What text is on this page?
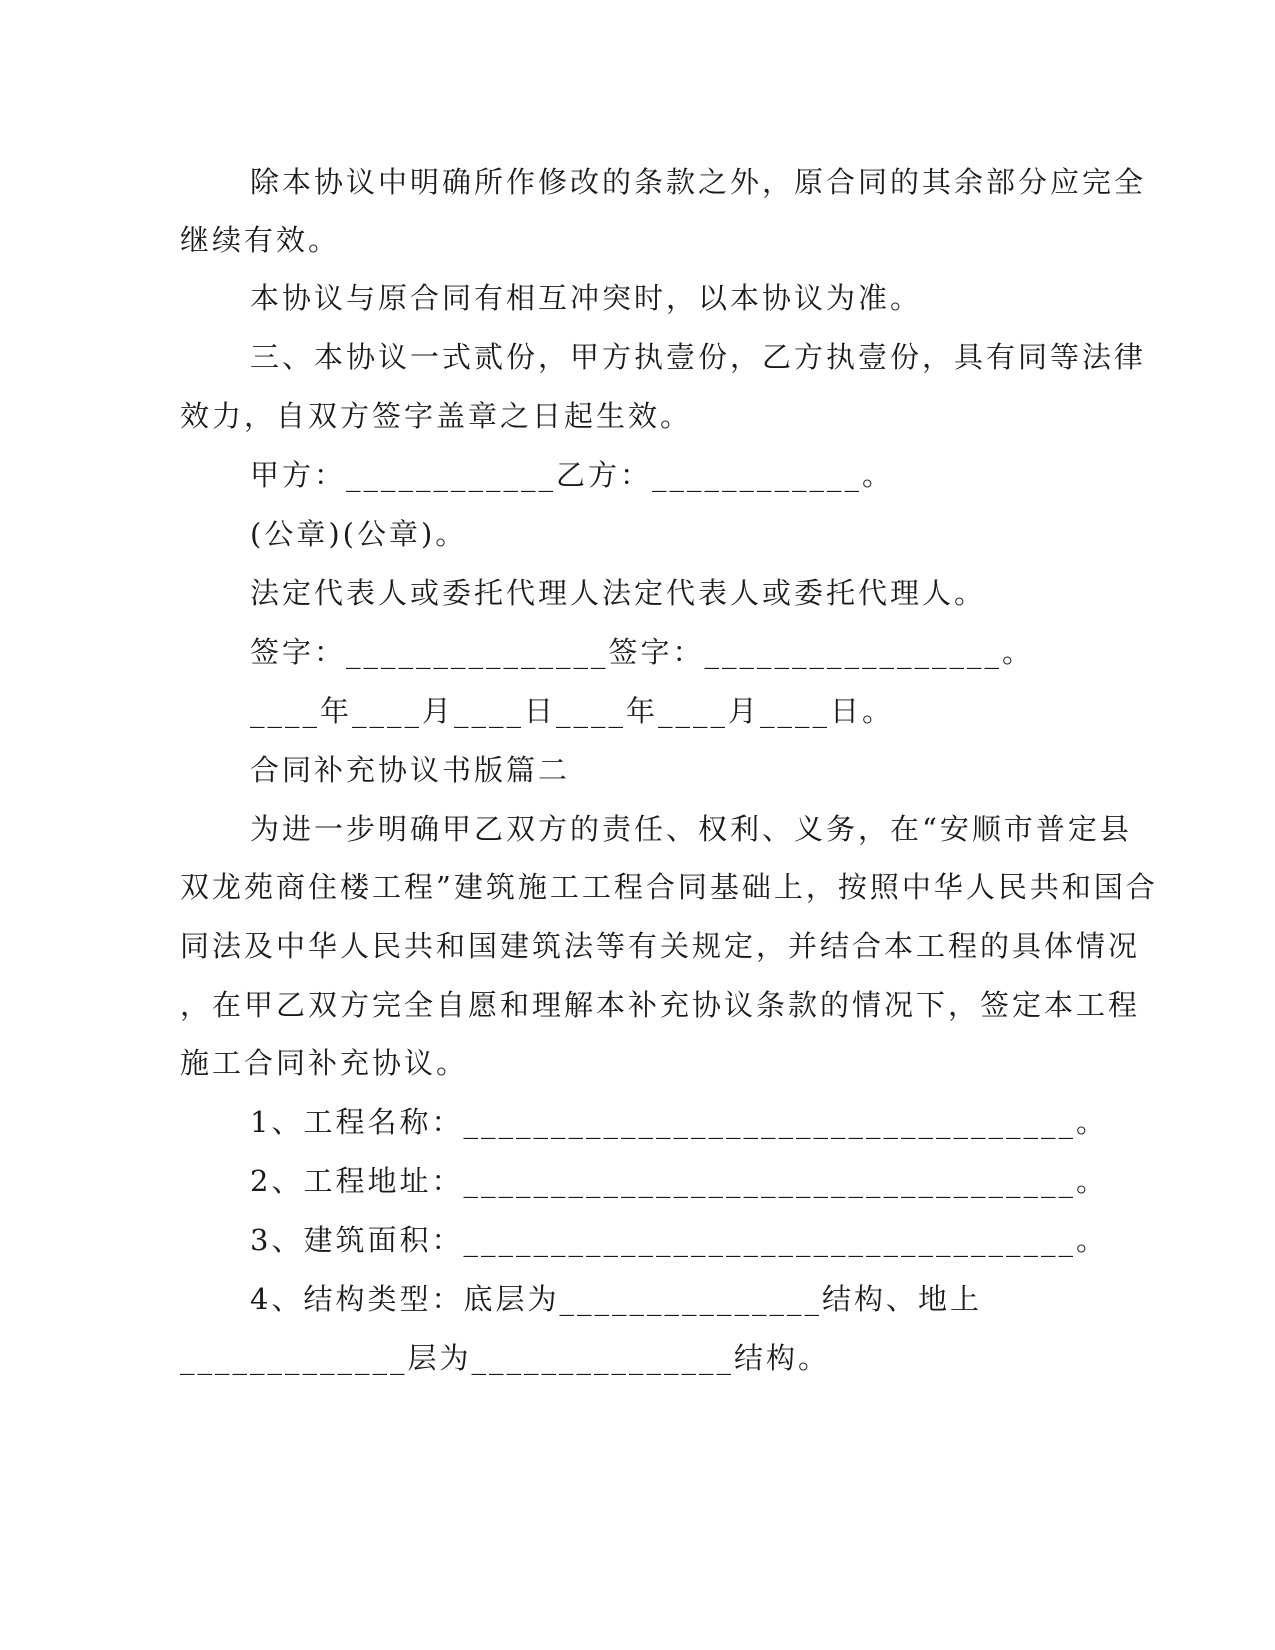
除本协议中明确所作修改的条款之外，原合同的其余部分应完全
继续有效。
本协议与原合同有相互冲突时，以本协议为准。
三、本协议一式贰份，甲方执壹份，乙方执壹份，具有同等法律
效力，自双方签字盖章之日起生效。
甲方：____________乙方：____________。
(公章)(公章)。
法定代表人或委托代理人法定代表人或委托代理人。
签字：_______________签字：_________________。
____年____月____日____年____月____日。
合同补充协议书版篇二
为进一步明确甲乙双方的责任、权利、义务，在“安顺市普定县
双龙苑商住楼工程”建筑施工工程合同基础上，按照中华人民共和国合
同法及中华人民共和国建筑法等有关规定，并结合本工程的具体情况
，在甲乙双方完全自愿和理解本补充协议条款的情况下，签定本工程
施工合同补充协议。
1、工程名称：___________________________________。
2、工程地址：___________________________________。
3、建筑面积：___________________________________。
4、结构类型：底层为_______________结构、地上
_____________层为_______________结构。
